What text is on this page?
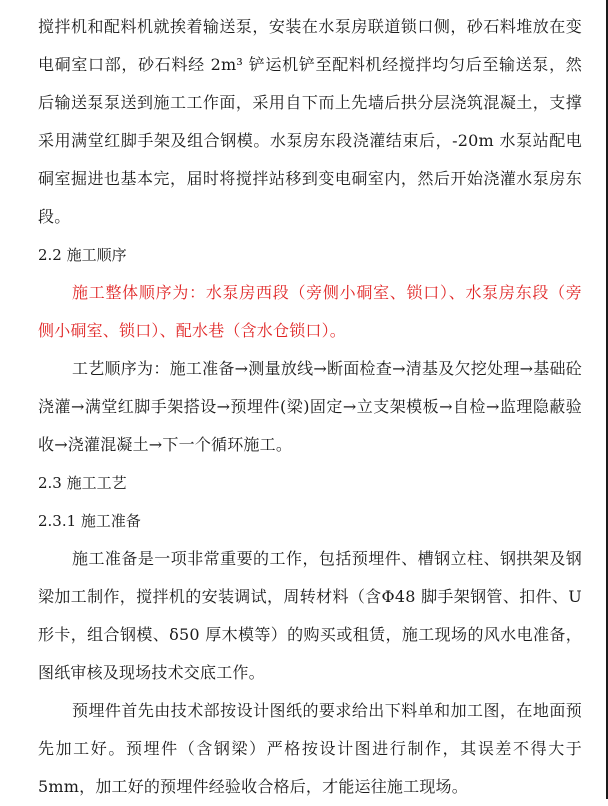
搅拌机和配料机就挨着输送泵，安装在水泵房联道锁口侧，砂石料堆放在变电硐室口部，砂石料经 2m³ 铲运机铲至配料机经搅拌均匀后至输送泵，然后输送泵泵送到施工工作面，采用自下而上先墙后拱分层浇筑混凝土，支撑采用满堂红脚手架及组合钢模。水泵房东段浇灌结束后，-20m 水泵站配电硐室掘进也基本完，届时将搅拌站移到变电硐室内，然后开始浇灌水泵房东段。

2.2 施工顺序

施工整体顺序为：水泵房西段（旁侧小硐室、锁口）、水泵房东段（旁侧小硐室、锁口）、配水巷（含水仓锁口）。

工艺顺序为：施工准备→测量放线→断面检查→清基及欠挖处理→基础砼浇灌→满堂红脚手架搭设→预埋件(梁)固定→立支架模板→自检→监理隐蔽验收→浇灌混凝土→下一个循环施工。

2.3 施工工艺

2.3.1 施工准备

施工准备是一项非常重要的工作，包括预埋件、槽钢立柱、钢拱架及钢梁加工制作，搅拌机的安装调试，周转材料（含Φ48 脚手架钢管、扣件、U 形卡，组合钢模、δ50 厚木模等）的购买或租赁，施工现场的风水电准备，图纸审核及现场技术交底工作。

预埋件首先由技术部按设计图纸的要求给出下料单和加工图，在地面预先加工好。预埋件（含钢梁）严格按设计图进行制作，其误差不得大于 5mm，加工好的预埋件经验收合格后，才能运往施工现场。
